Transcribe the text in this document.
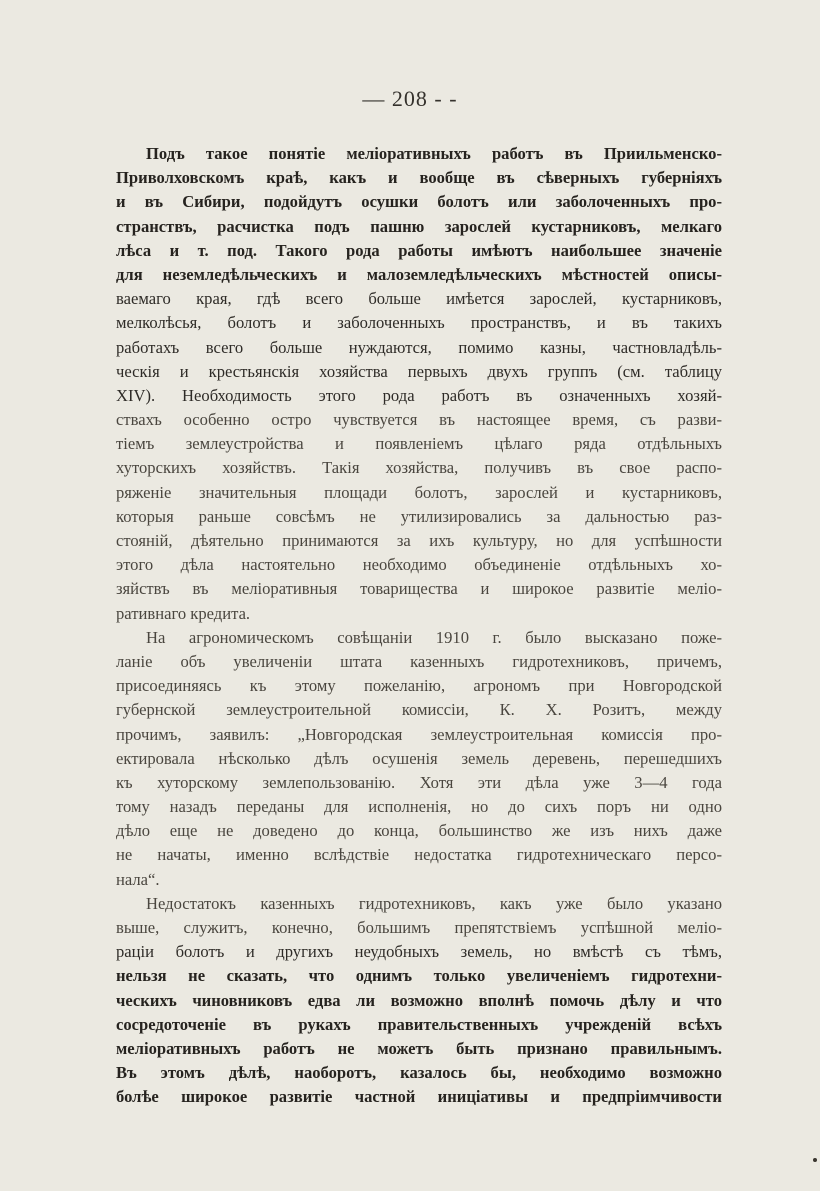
— 208 - -
Подъ такое понятіе меліоративныхъ работъ въ Приильменско-
Приволховскомъ краѣ, какъ и вообще въ сѣверныхъ губерніяхъ
и въ Сибири, подойдутъ осушки болотъ или заболоченныхъ про-
странствъ, расчистка подъ пашню зарослей кустарниковъ, мелкаго
лѣса и т. под. Такого рода работы имѣютъ наибольшее значеніе
для неземледѣльческихъ и малоземледѣльческихъ мѣстностей описы-
ваемаго края, гдѣ всего больше имѣется зарослей, кустарниковъ,
мелколѣсья, болотъ и заболоченныхъ пространствъ, и въ такихъ
работахъ всего больше нуждаются, помимо казны, частновладѣль-
ческія и крестьянскія хозяйства первыхъ двухъ группъ (см. таблицу
XIV). Необходимость этого рода работъ въ означенныхъ хозяй-
ствахъ особенно остро чувствуется въ настоящее время, съ разви-
тіемъ землеустройства и появленіемъ цѣлаго ряда отдѣльныхъ
хуторскихъ хозяйствъ. Такія хозяйства, получивъ въ свое распо-
ряженіе значительныя площади болотъ, зарослей и кустарниковъ,
которыя раньше совсѣмъ не утилизировались за дальностью раз-
стояній, дѣятельно принимаются за ихъ культуру, но для успѣшности
этого дѣла настоятельно необходимо объединеніе отдѣльныхъ хо-
зяйствъ въ меліоративныя товарищества и широкое развитіе меліо-
ративнаго кредита.
На агрономическомъ совѣщаніи 1910 г. было высказано поже-
ланіе объ увеличеніи штата казенныхъ гидротехниковъ, причемъ,
присоединяясь къ этому пожеланію, агрономъ при Новгородской
губернской землеустроительной комиссіи, К. Х. Розитъ, между
прочимъ, заявилъ: „Новгородская землеустроительная комиссія про-
ектировала нѣсколько дѣлъ осушенія земель деревень, перешедшихъ
къ хуторскому землепользованію. Хотя эти дѣла уже 3—4 года
тому назадъ переданы для исполненія, но до сихъ поръ ни одно
дѣло еще не доведено до конца, большинство же изъ нихъ даже
не начаты, именно вслѣдствіе недостатка гидротехническаго персо-
нала“.
Недостатокъ казенныхъ гидротехниковъ, какъ уже было указано
выше, служитъ, конечно, большимъ препятствіемъ успѣшной меліо-
раціи болотъ и другихъ неудобныхъ земель, но вмѣстѣ съ тѣмъ,
нельзя не сказать, что однимъ только увеличеніемъ гидротехни-
ческихъ чиновниковъ едва ли возможно вполнѣ помочь дѣлу и что
сосредоточеніе въ рукахъ правительственныхъ учрежденій всѣхъ
меліоративныхъ работъ не можетъ быть признано правильнымъ.
Въ этомъ дѣлѣ, наоборотъ, казалось бы, необходимо возможно
болѣе широкое развитіе частной иниціативы и предпріимчивости
